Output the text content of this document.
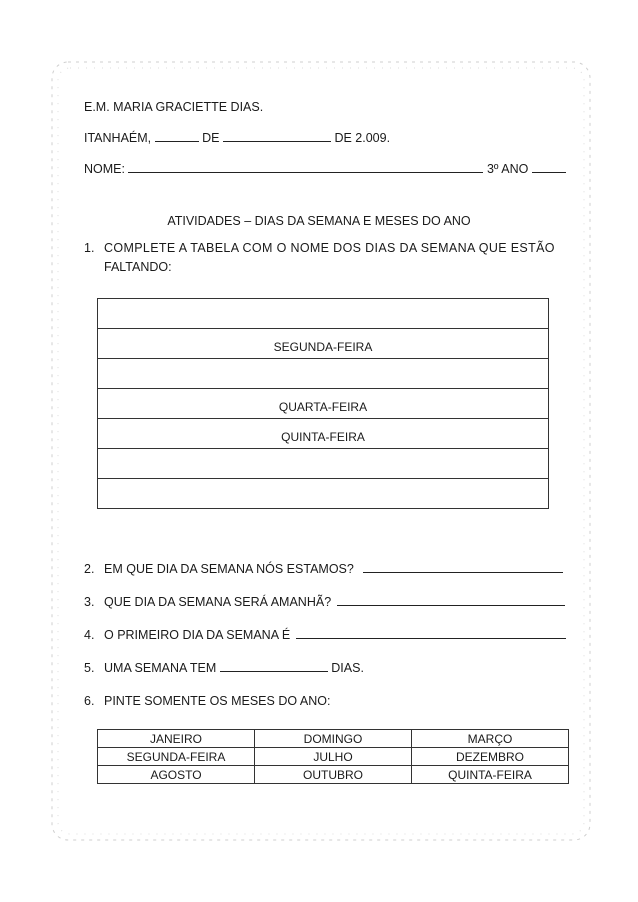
E.M. MARIA GRACIETTE DIAS.
ITANHAÉM,	DE	DE 2.009.
NOME:	3º ANO
ATIVIDADES – DIAS DA SEMANA E MESES DO ANO
1. COMPLETE A TABELA COM O NOME DOS DIAS DA SEMANA QUE ESTÃO
FALTANDO:

SEGUNDA-FEIRA

QUARTA-FEIRA
QUINTA-FEIRA

2. EM QUE DIA DA SEMANA NÓS ESTAMOS?
3. QUE DIA DA SEMANA SERÁ AMANHÃ?
4. O PRIMEIRO DIA DA SEMANA É
5. UMA SEMANA TEM	DIAS.
6. PINTE SOMENTE OS MESES DO ANO:
JANEIRO	DOMINGO	MARÇO
SEGUNDA-FEIRA	JULHO	DEZEMBRO
AGOSTO	OUTUBRO	QUINTA-FEIRA
